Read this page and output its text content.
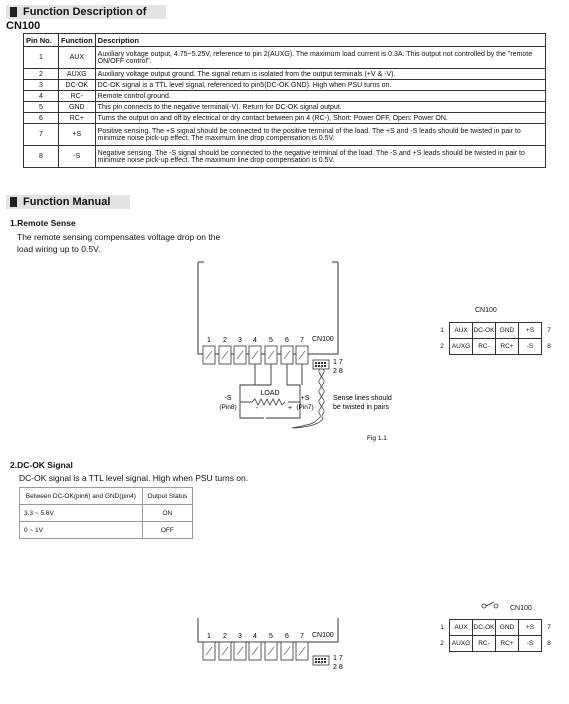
Function Description of CN100
Pin No.	Function	Description
1	AUX	Auxiliary voltage output, 4.75~5.25V, reference to pin 2(AUXG). The maximum load current is 0.3A. This output not controlled by the "remote ON/OFF control".
2	AUXG	Auxiliary voltage output ground. The signal return is isolated from the output terminals (+V & -V).
3	DC-OK	DC-OK signal is a TTL level signal, referenced to pin5(DC-OK GND). High when PSU turns on.
4	RC-	Remote control ground.
5	GND	This pin connects to the negative terminal(-V). Return for DC-OK signal output.
6	RC+	Turns the output on and off by electrical or dry contact between pin 4 (RC-), Short: Power OFF, Open: Power ON.
7	+S	Positive sensing. The +S signal should be connected to the positive terminal of the load. The +S and -S leads should be twisted in pair to minimize noise pick-up effect. The maximum line drop compensation is 0.5V.
8	-S	Negative sensing. The -S signal should be connected to the negative terminal of the load. The -S and +S leads should be twisted in pair to minimize noise pick-up effect. The maximum line drop compensation is 0.5V.
Function Manual
1.Remote Sense
The remote sensing compensates voltage drop on the
load wiring up to 0.5V.
1 2 3 4 5 6 7 CN100
1 7
2 8
LOAD
-	+
-S
(Pin8)
+S
(Pin7)
Sense lines should
be twisted in pairs
Fig 1.1
CN100
1	AUX	DC-OK	GND	+S	7
2	AUXG	RC-	RC+	-S	8
2.DC-OK Signal
DC-OK signal is a TTL level signal. High when PSU turns on.
Between DC-OK(pin6) and GND(pin4)	Output Status
3.3 ~ 5.6V	ON
0 ~ 1V	OFF
1 2 3 4 5 6 7 CN100
1 7
2 8
CN100
1	AUX	DC-OK	GND	+S	7
2	AUXG	RC-	RC+	-S	8
